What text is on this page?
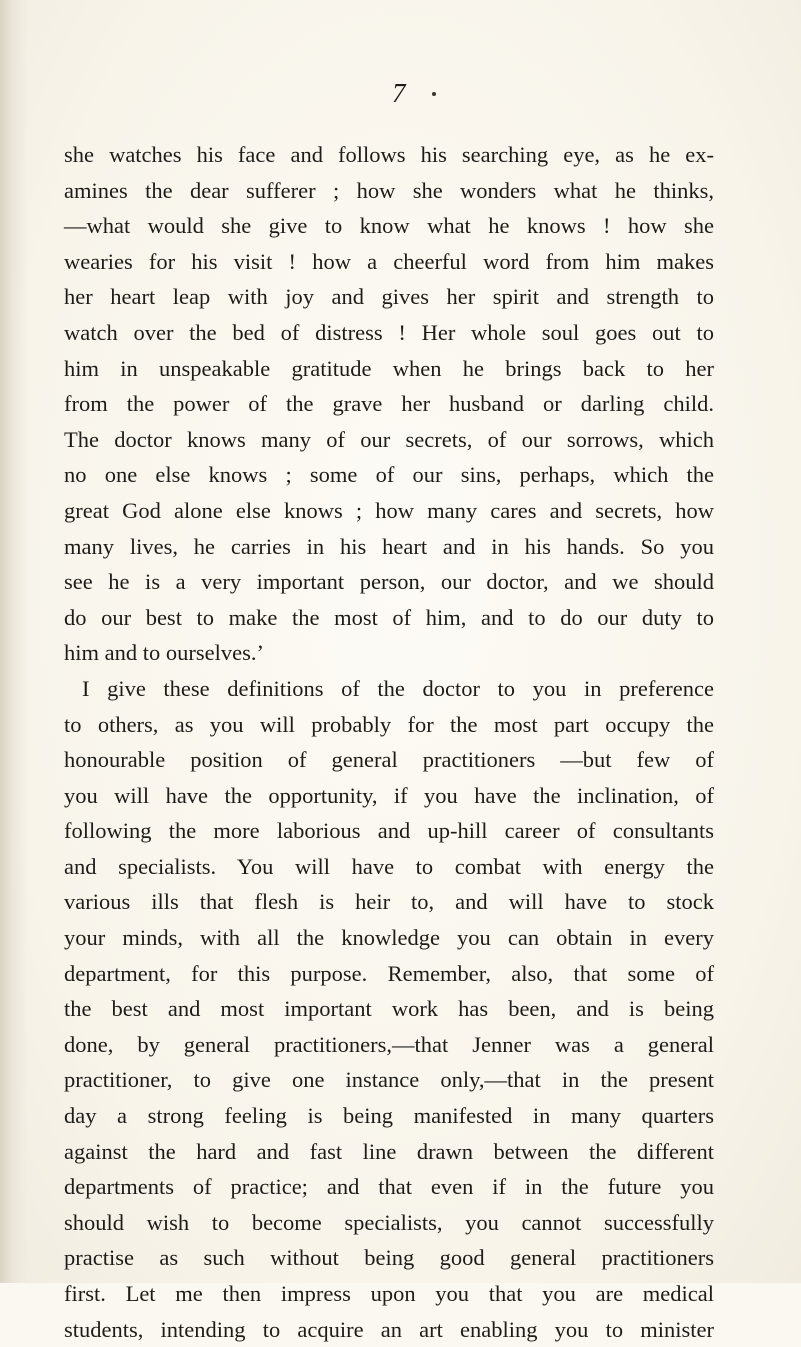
7
she watches his face and follows his searching eye, as he ex-
amines the dear sufferer ; how she wonders what he thinks,
—what would she give to know what he knows ! how she
wearies for his visit ! how a cheerful word from him makes
her heart leap with joy and gives her spirit and strength to
watch over the bed of distress ! Her whole soul goes out to
him in unspeakable gratitude when he brings back to her
from the power of the grave her husband or darling child.
The doctor knows many of our secrets, of our sorrows, which
no one else knows ; some of our sins, perhaps, which the
great God alone else knows ; how many cares and secrets, how
many lives, he carries in his heart and in his hands. So you
see he is a very important person, our doctor, and we should
do our best to make the most of him, and to do our duty to
him and to ourselves.’
I give these definitions of the doctor to you in preference
to others, as you will probably for the most part occupy the
honourable position of general practitioners —but few of
you will have the opportunity, if you have the inclination, of
following the more laborious and up-hill career of consultants
and specialists. You will have to combat with energy the
various ills that flesh is heir to, and will have to stock
your minds, with all the knowledge you can obtain in every
department, for this purpose. Remember, also, that some of
the best and most important work has been, and is being
done, by general practitioners,—that Jenner was a general
practitioner, to give one instance only,—that in the present
day a strong feeling is being manifested in many quarters
against the hard and fast line drawn between the different
departments of practice; and that even if in the future you
should wish to become specialists, you cannot successfully
practise as such without being good general practitioners
first. Let me then impress upon you that you are medical
students, intending to acquire an art enabling you to minister
